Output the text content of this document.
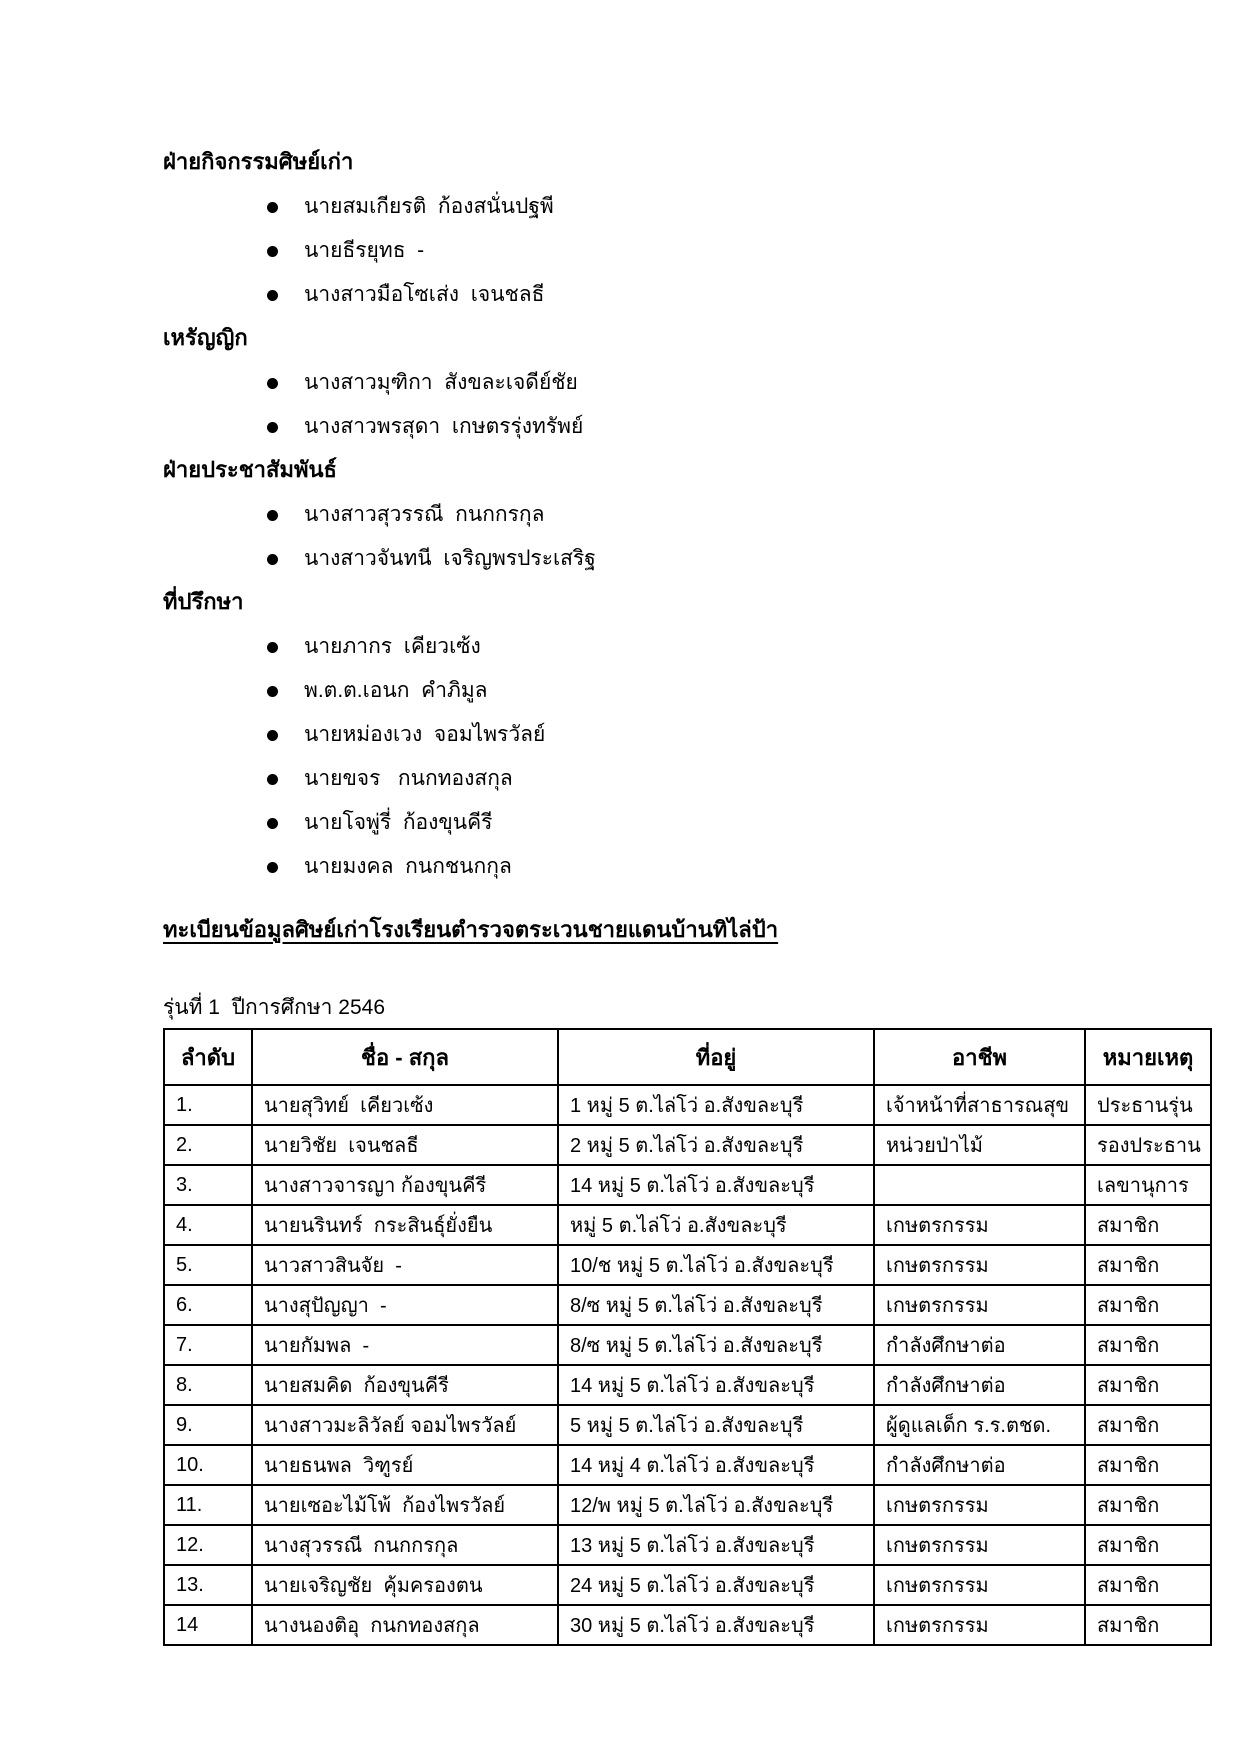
ฝ่ายกิจกรรมศิษย์เก่า
นายสมเกียรติ  ก้องสนั่นปฐพี
นายธีรยุทธ  -
นางสาวมือโซเส่ง  เจนชลธี
เหรัญญิก
นางสาวมุฑิกา  สังขละเจดีย์ชัย
นางสาวพรสุดา  เกษตรรุ่งทรัพย์
ฝ่ายประชาสัมพันธ์
นางสาวสุวรรณี  กนกกรกุล
นางสาวจันทนี  เจริญพรประเสริฐ
ที่ปรึกษา
นายภากร  เคียวเซ้ง
พ.ต.ต.เอนก  คำภิมูล
นายหม่องเวง  จอมไพรวัลย์
นายขจร   กนกทองสกุล
นายโจพู่รี่  ก้องขุนคีรี
นายมงคล  กนกชนกกุล
ทะเบียนข้อมูลศิษย์เก่าโรงเรียนตำรวจตระเวนชายแดนบ้านทิไล่ป้า
รุ่นที่ 1  ปีการศึกษา 2546
ลำดับ	ชื่อ - สกุล	ที่อยู่	อาชีพ	หมายเหตุ
1.	นายสุวิทย์  เคียวเซ้ง	1 หมู่ 5 ต.ไล่โว่ อ.สังขละบุรี	เจ้าหน้าที่สาธารณสุข	ประธานรุ่น
2.	นายวิชัย  เจนชลธี	2 หมู่ 5 ต.ไล่โว่ อ.สังขละบุรี	หน่วยป่าไม้	รองประธาน
3.	นางสาวจารญา ก้องขุนคีรี	14 หมู่ 5 ต.ไล่โว่ อ.สังขละบุรี		เลขานุการ
4.	นายนรินทร์  กระสินธุ์ยั่งยืน	หมู่ 5 ต.ไล่โว่ อ.สังขละบุรี	เกษตรกรรม	สมาชิก
5.	นาวสาวสินจัย  -	10/ช หมู่ 5 ต.ไล่โว่ อ.สังขละบุรี	เกษตรกรรม	สมาชิก
6.	นางสุปัญญา  -	8/ซ หมู่ 5 ต.ไล่โว่ อ.สังขละบุรี	เกษตรกรรม	สมาชิก
7.	นายกัมพล  -	8/ซ หมู่ 5 ต.ไล่โว่ อ.สังขละบุรี	กำลังศึกษาต่อ	สมาชิก
8.	นายสมคิด  ก้องขุนคีรี	14 หมู่ 5 ต.ไล่โว่ อ.สังขละบุรี	กำลังศึกษาต่อ	สมาชิก
9.	นางสาวมะลิวัลย์ จอมไพรวัลย์	5 หมู่ 5 ต.ไล่โว่ อ.สังขละบุรี	ผู้ดูแลเด็ก ร.ร.ตชด.	สมาชิก
10.	นายธนพล  วิฑูรย์	14 หมู่ 4 ต.ไล่โว่ อ.สังขละบุรี	กำลังศึกษาต่อ	สมาชิก
11.	นายเซอะไม้โพ้  ก้องไพรวัลย์	12/พ หมู่ 5 ต.ไล่โว่ อ.สังขละบุรี	เกษตรกรรม	สมาชิก
12.	นางสุวรรณี  กนกกรกุล	13 หมู่ 5 ต.ไล่โว่ อ.สังขละบุรี	เกษตรกรรม	สมาชิก
13.	นายเจริญชัย  คุ้มครองตน	24 หมู่ 5 ต.ไล่โว่ อ.สังขละบุรี	เกษตรกรรม	สมาชิก
14	นางนองติอุ  กนกทองสกุล	30 หมู่ 5 ต.ไล่โว่ อ.สังขละบุรี	เกษตรกรรม	สมาชิก
